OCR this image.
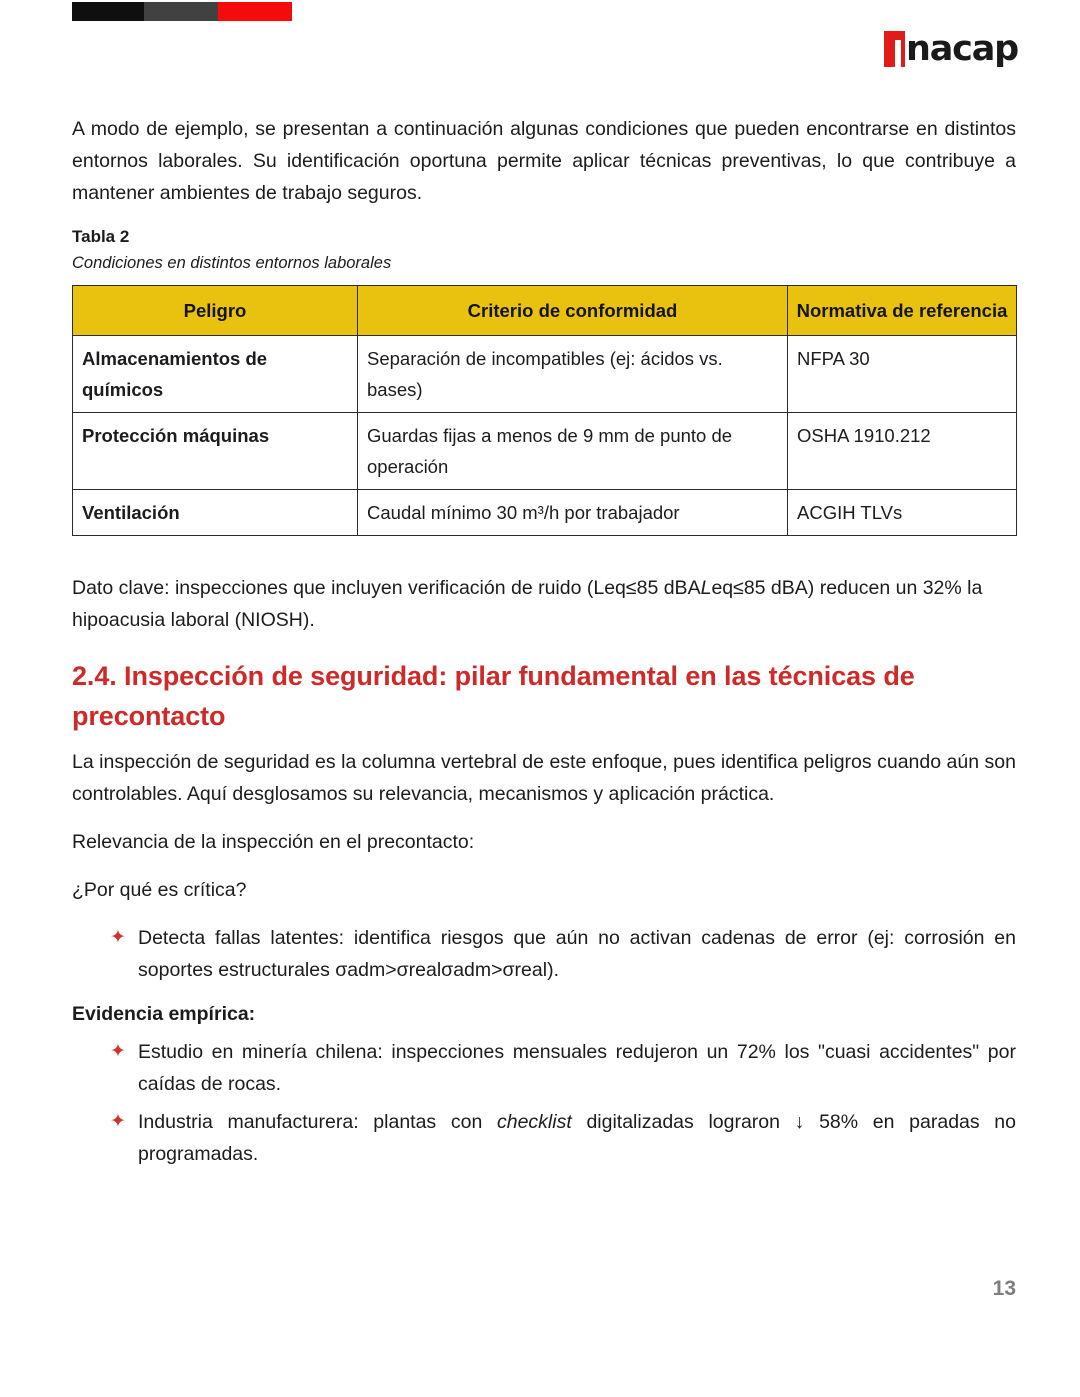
nacap

A modo de ejemplo, se presentan a continuación algunas condiciones que pueden encontrarse en distintos entornos laborales. Su identificación oportuna permite aplicar técnicas preventivas, lo que contribuye a mantener ambientes de trabajo seguros.

Tabla 2

Condiciones en distintos entornos laborales

Peligro	Criterio de conformidad	Normativa de referencia
Almacenamientos de químicos	Separación de incompatibles (ej: ácidos vs. bases)	NFPA 30
Protección máquinas	Guardas fijas a menos de 9 mm de punto de operación	OSHA 1910.212
Ventilación	Caudal mínimo 30 m³/h por trabajador	ACGIH TLVs

Dato clave: inspecciones que incluyen verificación de ruido (Leq≤85 dBALeq≤85 dBA) reducen un 32% la hipoacusia laboral (NIOSH).

2.4. Inspección de seguridad: pilar fundamental en las técnicas de precontacto

La inspección de seguridad es la columna vertebral de este enfoque, pues identifica peligros cuando aún son controlables. Aquí desglosamos su relevancia, mecanismos y aplicación práctica.

Relevancia de la inspección en el precontacto:

¿Por qué es crítica?

✦ Detecta fallas latentes: identifica riesgos que aún no activan cadenas de error (ej: corrosión en soportes estructurales σadm>σrealσadm>σreal).

Evidencia empírica:

✦ Estudio en minería chilena: inspecciones mensuales redujeron un 72% los "cuasi accidentes" por caídas de rocas.
✦ Industria manufacturera: plantas con checklist digitalizadas lograron ↓ 58% en paradas no programadas.
13
